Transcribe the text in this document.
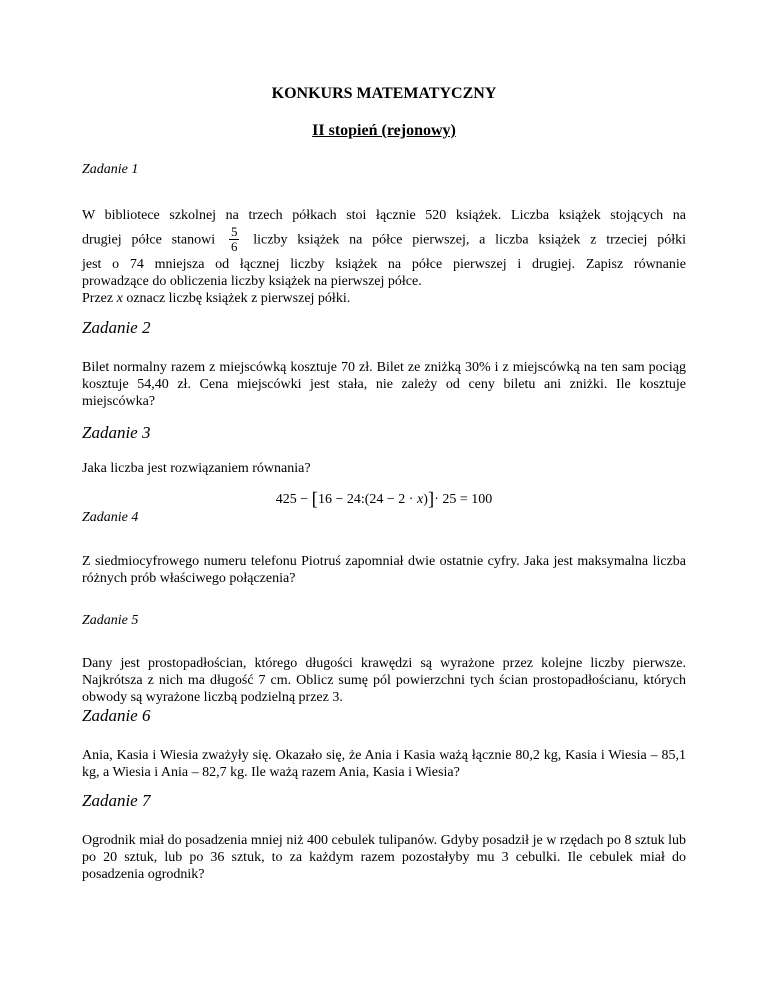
KONKURS MATEMATYCZNY
II stopień (rejonowy)
Zadanie 1
W bibliotece szkolnej na trzech półkach stoi łącznie 520 książek. Liczba książek stojących na
drugiej półce stanowi $\frac{5}{6}$ liczby książek na półce pierwszej, a liczba książek z trzeciej półki
jest o 74 mniejsza od łącznej liczby książek na półce pierwszej i drugiej. Zapisz równanie
prowadzące do obliczenia liczby książek na pierwszej półce.
Przez x oznacz liczbę książek z pierwszej półki.
Zadanie 2

Bilet normalny razem z miejscówką kosztuje 70 zł. Bilet ze zniżką 30% i z miejscówką na ten sam pociąg kosztuje 54,40 zł. Cena miejscówki jest stała, nie zależy od ceny biletu ani zniżki. Ile kosztuje miejscówka?

Zadanie 3

Jaka liczba jest rozwiązaniem równania?

425 − [16 − 24:(24 − 2 · x)]· 25 = 100
Zadanie 4

Z siedmiocyfrowego numeru telefonu Piotruś zapomniał dwie ostatnie cyfry. Jaka jest maksymalna liczba różnych prób właściwego połączenia?

Zadanie 5

Dany jest prostopadłościan, którego długości krawędzi są wyrażone przez kolejne liczby pierwsze. Najkrótsza z nich ma długość 7 cm. Oblicz sumę pól powierzchni tych ścian prostopadłościanu, których obwody są wyrażone liczbą podzielną przez 3.

Zadanie 6

Ania, Kasia i Wiesia zważyły się. Okazało się, że Ania i Kasia ważą łącznie 80,2 kg, Kasia i Wiesia – 85,1 kg, a Wiesia i Ania – 82,7 kg. Ile ważą razem Ania, Kasia i Wiesia?

Zadanie 7

Ogrodnik miał do posadzenia mniej niż 400 cebulek tulipanów. Gdyby posadził je w rzędach po 8 sztuk lub po 20 sztuk, lub po 36 sztuk, to za każdym razem pozostałyby mu 3 cebulki. Ile cebulek miał do posadzenia ogrodnik?
